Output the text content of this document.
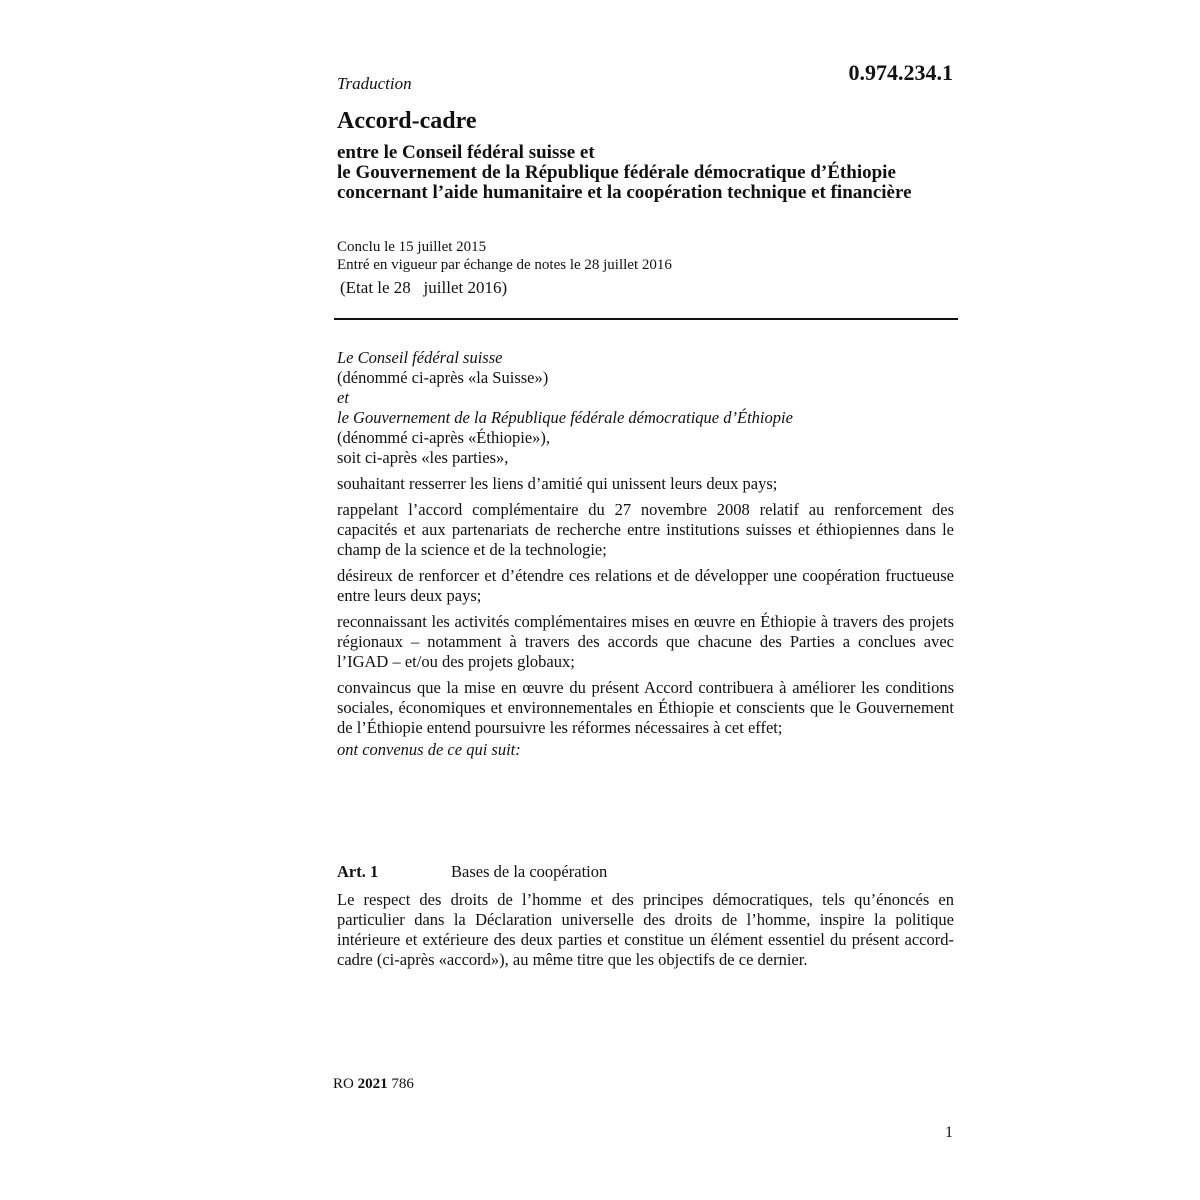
Traduction	0.974.234.1

Accord-cadre
entre le Conseil fédéral suisse et
le Gouvernement de la République fédérale démocratique d’Éthiopie
concernant l’aide humanitaire et la coopération technique et financière
Conclu le 15 juillet 2015
Entré en vigueur par échange de notes le 28 juillet 2016
(Etat le 28   juillet 2016)

Le Conseil fédéral suisse
(dénommé ci-après «la Suisse»)
et
le Gouvernement de la République fédérale démocratique d’Éthiopie
(dénommé ci-après «Éthiopie»),
soit ci-après «les parties»,

souhaitant resserrer les liens d’amitié qui unissent leurs deux pays;

rappelant l’accord complémentaire du 27 novembre 2008 relatif au renforcement des capacités et aux partenariats de recherche entre institutions suisses et éthiopiennes dans le champ de la science et de la technologie;

désireux de renforcer et d’étendre ces relations et de développer une coopération fructueuse entre leurs deux pays;

reconnaissant les activités complémentaires mises en œuvre en Éthiopie à travers des projets régionaux – notamment à travers des accords que chacune des Parties a conclues avec l’IGAD – et/ou des projets globaux;

convaincus que la mise en œuvre du présent Accord contribuera à améliorer les conditions sociales, économiques et environnementales en Éthiopie et conscients que le Gouvernement de l’Éthiopie entend poursuivre les réformes nécessaires à cet effet;

ont convenus de ce qui suit:

Art. 1	Bases de la coopération

Le respect des droits de l’homme et des principes démocratiques, tels qu’énoncés en particulier dans la Déclaration universelle des droits de l’homme, inspire la politique intérieure et extérieure des deux parties et constitue un élément essentiel du présent accord-cadre (ci-après «accord»), au même titre que les objectifs de ce dernier.

RO 2021 786
1
